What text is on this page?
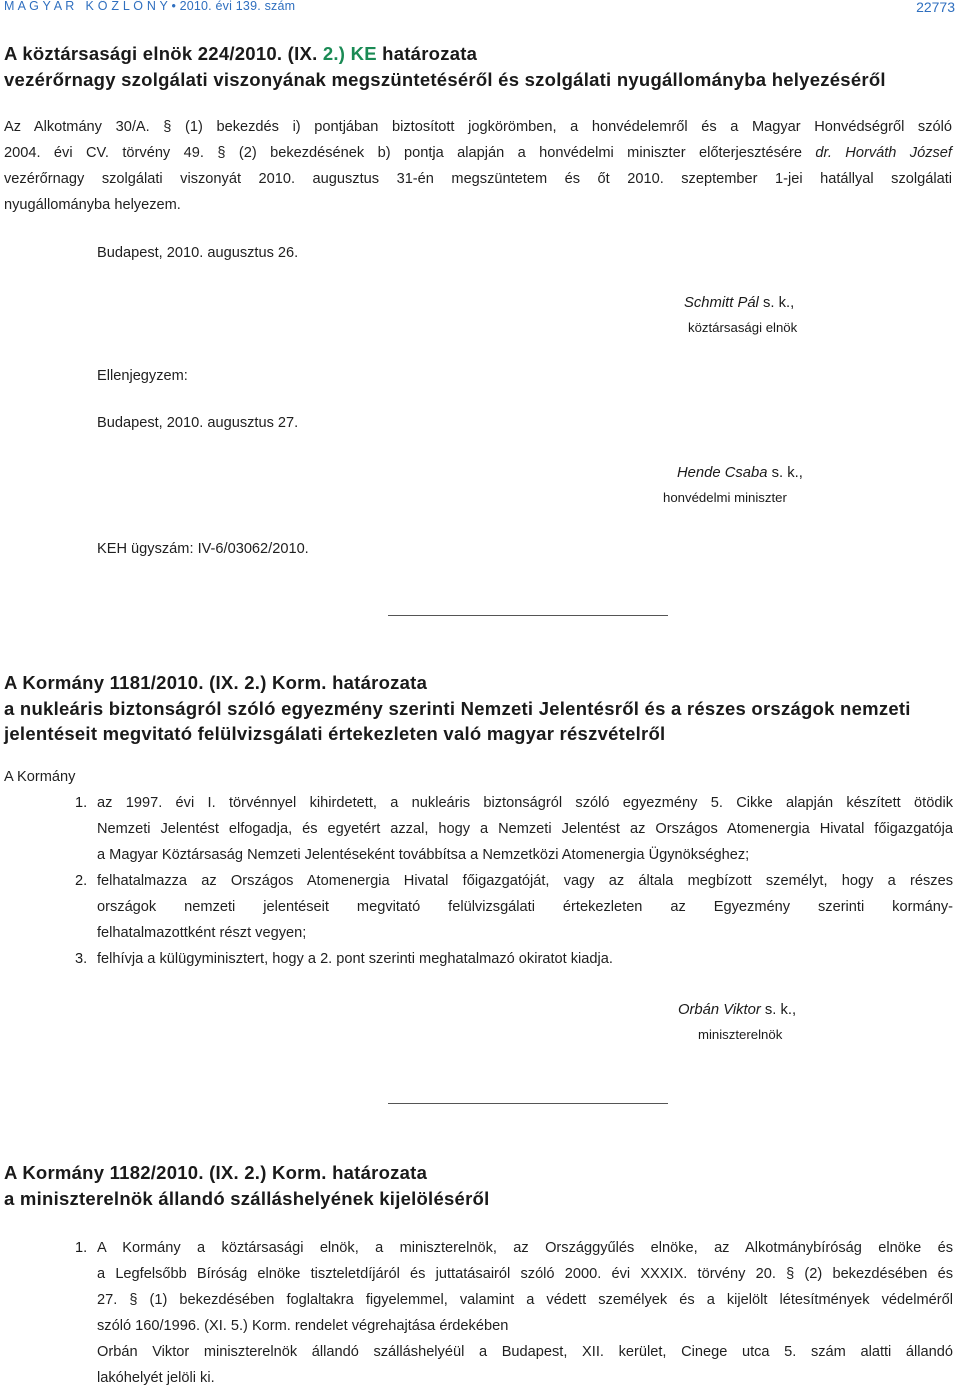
M A G Y A R   K Ö Z L Ö N Y • 2010. évi 139. szám	22773
A köztársasági elnök 224/2010. (IX. 2.) KE határozata
vezérőrnagy szolgálati viszonyának megszüntetéséről és szolgálati nyugállományba helyezéséről
Az Alkotmány 30/A. § (1) bekezdés i) pontjában biztosított jogkörömben, a honvédelemről és a Magyar Honvédségről szóló
2004. évi CV. törvény 49. § (2) bekezdésének b) pontja alapján a honvédelmi miniszter előterjesztésére dr. Horváth József
vezérőrnagy szolgálati viszonyát 2010. augusztus 31-én megszüntetem és őt 2010. szeptember 1-jei hatállyal szolgálati
nyugállományba helyezem.
Budapest, 2010. augusztus 26.
Schmitt Pál s. k.,
köztársasági elnök
Ellenjegyzem:
Budapest, 2010. augusztus 27.
Hende Csaba s. k.,
honvédelmi miniszter
KEH ügyszám: IV-6/03062/2010.
A Kormány 1181/2010. (IX. 2.) Korm. határozata
a nukleáris biztonságról szóló egyezmény szerinti Nemzeti Jelentésről és a részes országok nemzeti
jelentéseit megvitató felülvizsgálati értekezleten való magyar részvételről
A Kormány
1. az 1997. évi I. törvénnyel kihirdetett, a nukleáris biztonságról szóló egyezmény 5. Cikke alapján készített ötödik
Nemzeti Jelentést elfogadja, és egyetért azzal, hogy a Nemzeti Jelentést az Országos Atomenergia Hivatal főigazgatója
a Magyar Köztársaság Nemzeti Jelentéseként továbbítsa a Nemzetközi Atomenergia Ügynökséghez;
2. felhatalmazza az Országos Atomenergia Hivatal főigazgatóját, vagy az általa megbízott személyt, hogy a részes
országok nemzeti jelentéseit megvitató felülvizsgálati értekezleten az Egyezmény szerinti kormány-
felhatalmazottként részt vegyen;
3. felhívja a külügyminisztert, hogy a 2. pont szerinti meghatalmazó okiratot kiadja.
Orbán Viktor s. k.,
miniszterelnök
A Kormány 1182/2010. (IX. 2.) Korm. határozata
a miniszterelnök állandó szálláshelyének kijelöléséről
1. A Kormány a köztársasági elnök, a miniszterelnök, az Országgyűlés elnöke, az Alkotmánybíróság elnöke és
a Legfelsőbb Bíróság elnöke tiszteletdíjáról és juttatásairól szóló 2000. évi XXXIX. törvény 20. § (2) bekezdésében és
27. § (1) bekezdésében foglaltakra figyelemmel, valamint a védett személyek és a kijelölt létesítmények védelméről
szóló 160/1996. (XI. 5.) Korm. rendelet végrehajtása érdekében
Orbán Viktor miniszterelnök állandó szálláshelyéül a Budapest, XII. kerület, Cinege utca 5. szám alatti állandó
lakóhelyét jelöli ki.
